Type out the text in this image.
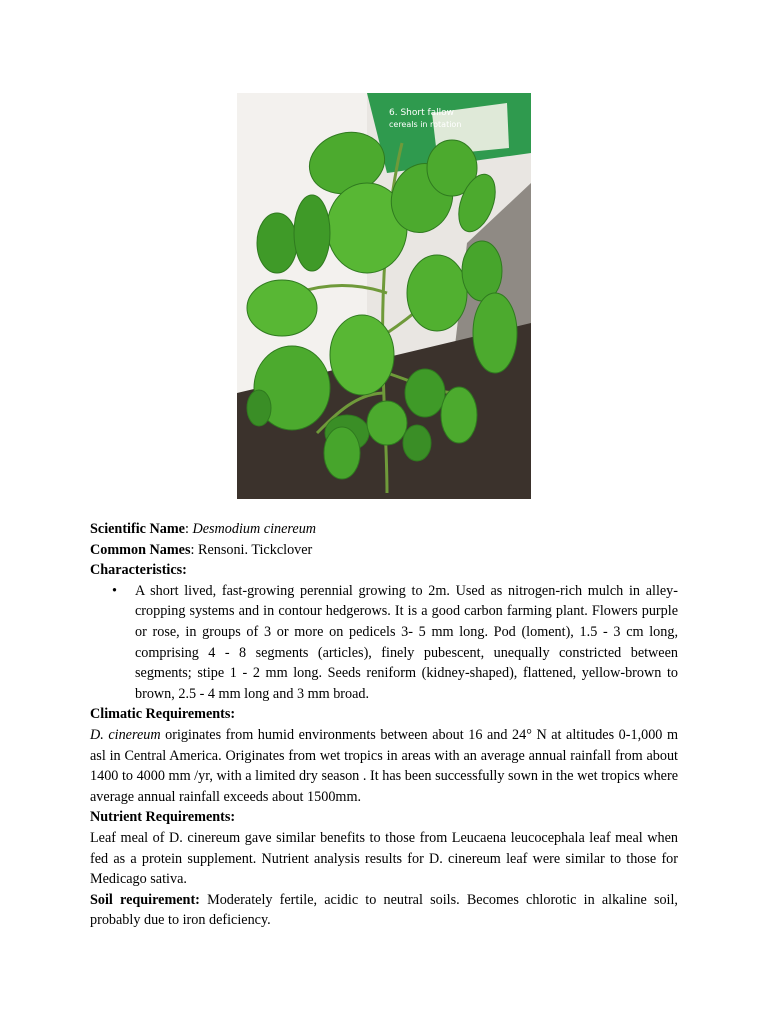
6. Short fallow
cereals in rotation

Scientific Name: Desmodium cinereum

Common Names: Rensoni. Tickclover

Characteristics:

• A short lived, fast-growing perennial growing to 2m. Used as nitrogen-rich mulch in alley-cropping systems and in contour hedgerows. It is a good carbon farming plant. Flowers purple or rose, in groups of 3 or more on pedicels 3- 5 mm long. Pod (loment), 1.5 - 3 cm long, comprising 4 - 8 segments (articles), finely pubescent, unequally constricted between segments; stipe 1 - 2 mm long. Seeds reniform (kidney-shaped), flattened, yellow-brown to brown, 2.5 - 4 mm long and 3 mm broad.

Climatic Requirements:

D. cinereum originates from humid environments between about 16 and 24° N at altitudes 0-1,000 m asl in Central America. Originates from wet tropics in areas with an average annual rainfall from about 1400 to 4000 mm /yr, with a limited dry season . It has been successfully sown in the wet tropics where average annual rainfall exceeds about 1500mm.

Nutrient Requirements:

Leaf meal of D. cinereum gave similar benefits to those from Leucaena leucocephala leaf meal when fed as a protein supplement. Nutrient analysis results for D. cinereum leaf were similar to those for Medicago sativa.

Soil requirement: Moderately fertile, acidic to neutral soils. Becomes chlorotic in alkaline soil, probably due to iron deficiency.
